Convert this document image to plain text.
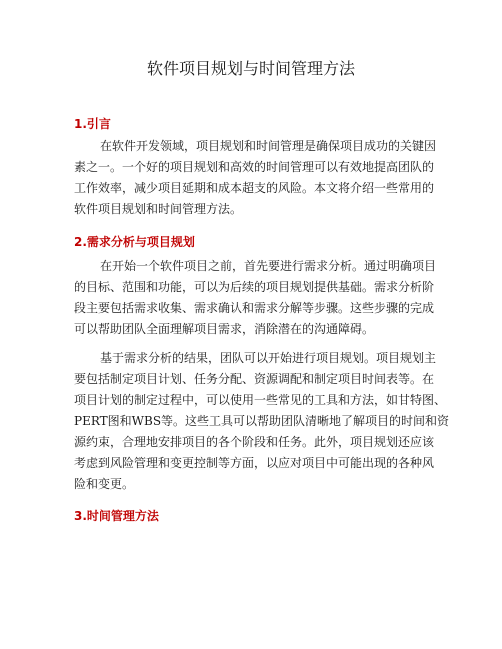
软件项目规划与时间管理方法
1.引言
在软件开发领域，项目规划和时间管理是确保项目成功的关键因
素之一。一个好的项目规划和高效的时间管理可以有效地提高团队的
工作效率，减少项目延期和成本超支的风险。本文将介绍一些常用的
软件项目规划和时间管理方法。
2.需求分析与项目规划
在开始一个软件项目之前，首先要进行需求分析。通过明确项目
的目标、范围和功能，可以为后续的项目规划提供基础。需求分析阶
段主要包括需求收集、需求确认和需求分解等步骤。这些步骤的完成
可以帮助团队全面理解项目需求，消除潜在的沟通障碍。
基于需求分析的结果，团队可以开始进行项目规划。项目规划主
要包括制定项目计划、任务分配、资源调配和制定项目时间表等。在
项目计划的制定过程中，可以使用一些常见的工具和方法，如甘特图、
PERT图和WBS等。这些工具可以帮助团队清晰地了解项目的时间和资
源约束，合理地安排项目的各个阶段和任务。此外，项目规划还应该
考虑到风险管理和变更控制等方面，以应对项目中可能出现的各种风
险和变更。
3.时间管理方法
